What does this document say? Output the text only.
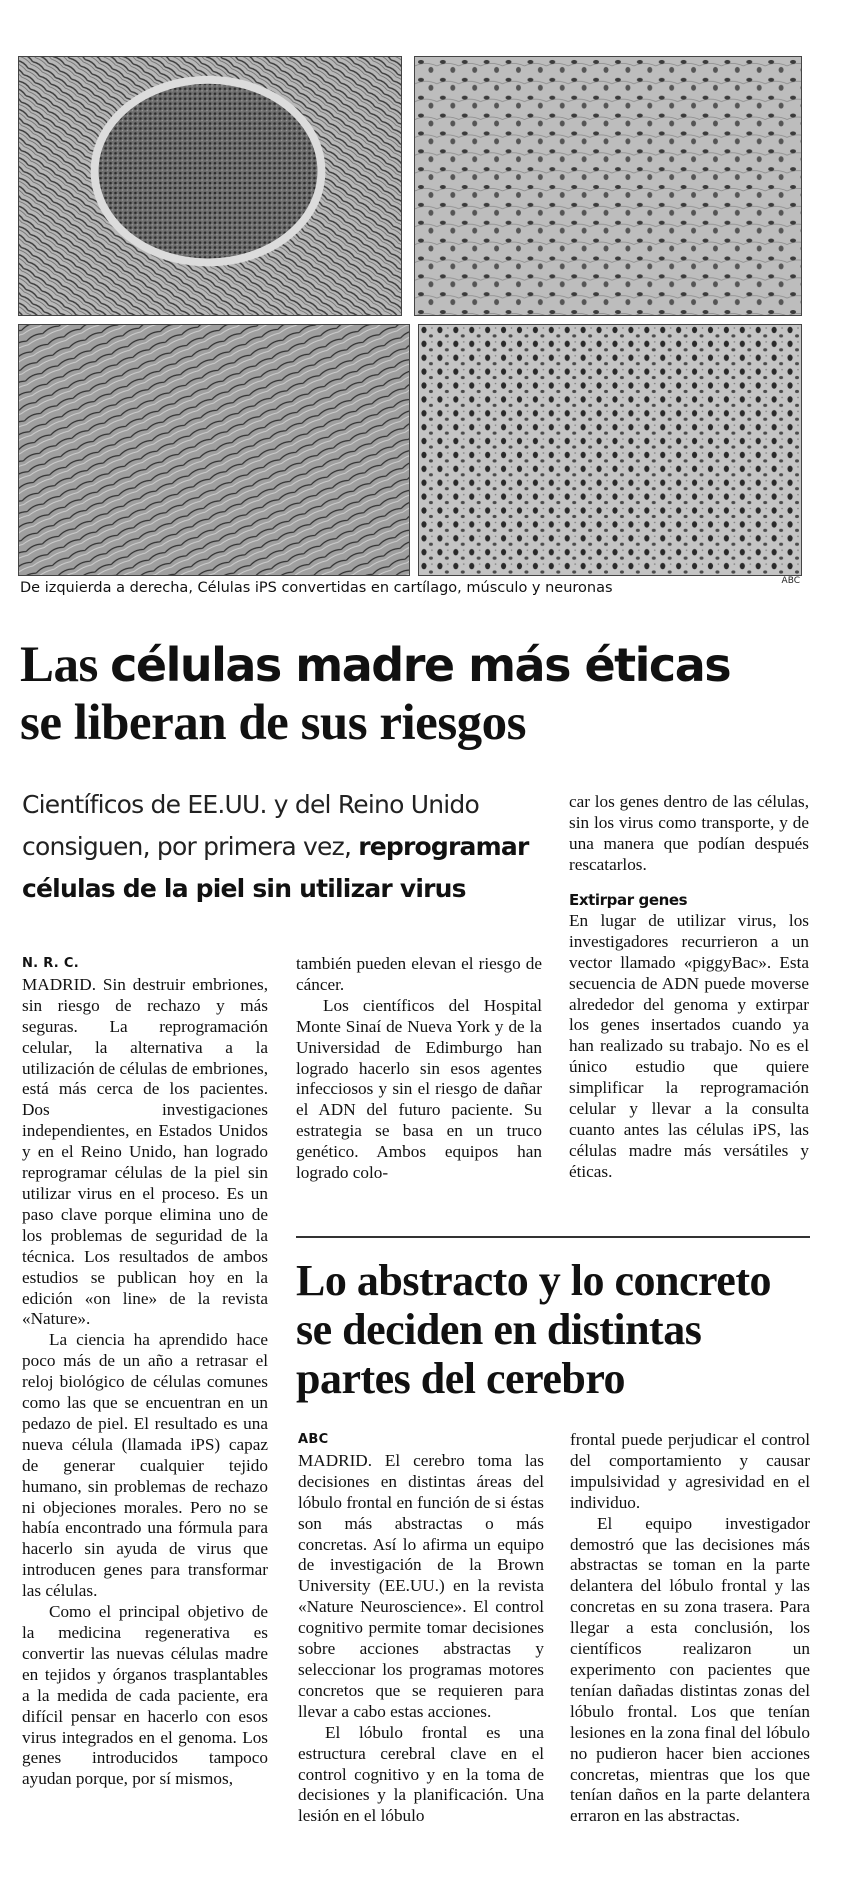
De izquierda a derecha, Células iPS convertidas en cartílago, músculo y neuronas	ABC
Las células madre más éticas
se liberan de sus riesgos
Científicos de EE.UU. y del Reino Unido consiguen, por primera vez, reprogramar células de la piel sin utilizar virus

car los genes dentro de las células, sin los virus como transporte, y de una manera que podían después rescatarlos.

Extirpar genes

En lugar de utilizar virus, los investigadores recurrieron a un vector llamado «piggyBac». Esta secuencia de ADN puede moverse alrededor del genoma y extirpar los genes insertados cuando ya han realizado su trabajo. No es el único estudio que quiere simplificar la reprogramación celular y llevar a la consulta cuanto antes las células iPS, las células madre más versátiles y éticas.

N. R. C.

MADRID. Sin destruir embriones, sin riesgo de rechazo y más seguras. La reprogramación celular, la alternativa a la utilización de células de embriones, está más cerca de los pacientes. Dos investigaciones independientes, en Estados Unidos y en el Reino Unido, han logrado reprogramar células de la piel sin utilizar virus en el proceso. Es un paso clave porque elimina uno de los problemas de seguridad de la técnica. Los resultados de ambos estudios se publican hoy en la edición «on line» de la revista «Nature».

La ciencia ha aprendido hace poco más de un año a retrasar el reloj biológico de células comunes como las que se encuentran en un pedazo de piel. El resultado es una nueva célula (llamada iPS) capaz de generar cualquier tejido humano, sin problemas de rechazo ni objeciones morales. Pero no se había encontrado una fórmula para hacerlo sin ayuda de virus que introducen genes para transformar las células.

Como el principal objetivo de la medicina regenerativa es convertir las nuevas células madre en tejidos y órganos trasplantables a la medida de cada paciente, era difícil pensar en hacerlo con esos virus integrados en el genoma. Los genes introducidos tampoco ayudan porque, por sí mismos,

también pueden elevan el riesgo de cáncer.

Los científicos del Hospital Monte Sinaí de Nueva York y de la Universidad de Edimburgo han logrado hacerlo sin esos agentes infecciosos y sin el riesgo de dañar el ADN del futuro paciente. Su estrategia se basa en un truco genético. Ambos equipos han logrado colo-

Lo abstracto y lo concreto se deciden en distintas partes del cerebro
ABC

MADRID. El cerebro toma las decisiones en distintas áreas del lóbulo frontal en función de si éstas son más abstractas o más concretas. Así lo afirma un equipo de investigación de la Brown University (EE.UU.) en la revista «Nature Neuroscience». El control cognitivo permite tomar decisiones sobre acciones abstractas y seleccionar los programas motores concretos que se requieren para llevar a cabo estas acciones.

El lóbulo frontal es una estructura cerebral clave en el control cognitivo y en la toma de decisiones y la planificación. Una lesión en el lóbulo

frontal puede perjudicar el control del comportamiento y causar impulsividad y agresividad en el individuo.

El equipo investigador demostró que las decisiones más abstractas se toman en la parte delantera del lóbulo frontal y las concretas en su zona trasera. Para llegar a esta conclusión, los científicos realizaron un experimento con pacientes que tenían dañadas distintas zonas del lóbulo frontal. Los que tenían lesiones en la zona final del lóbulo no pudieron hacer bien acciones concretas, mientras que los que tenían daños en la parte delantera erraron en las abstractas.
